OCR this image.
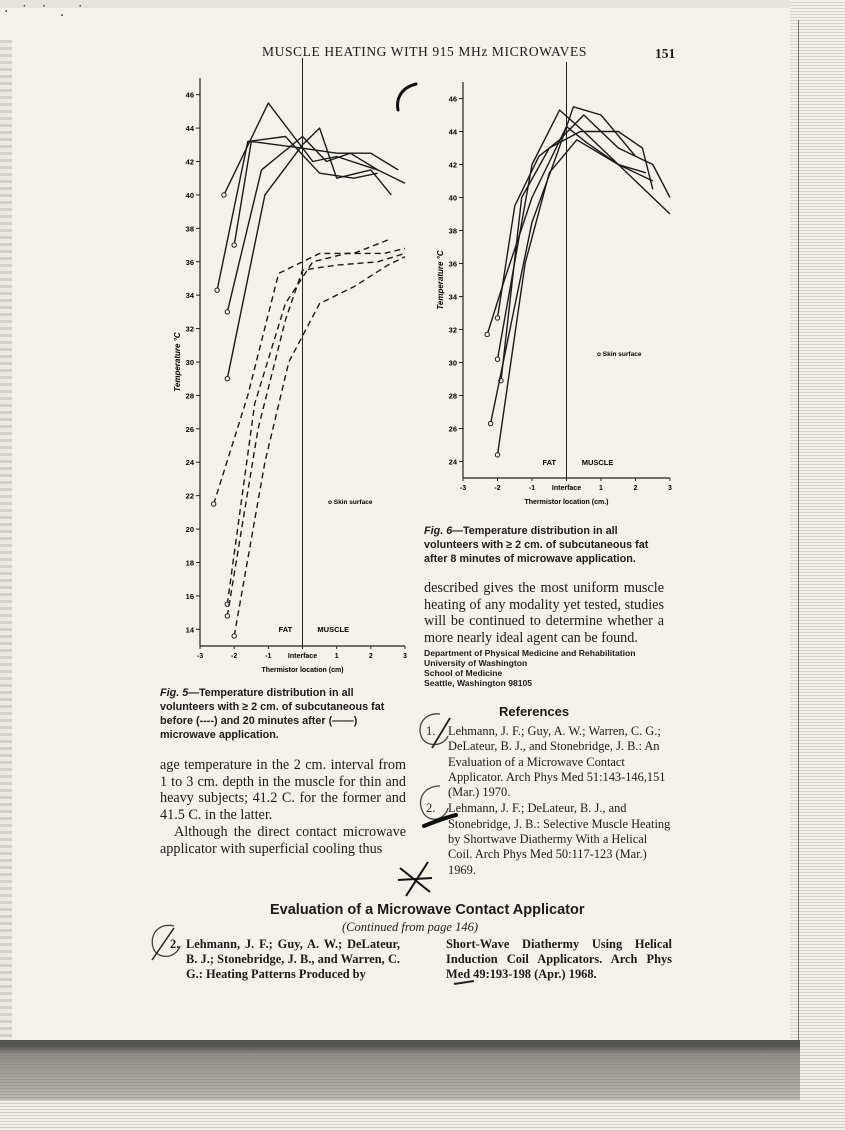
· ˙ ˙ . ˙
MUSCLE HEATING WITH 915 MHz MICROWAVES	151
46
44
42
40
38
36
34
32
30
28
26
24
22
20
18
16
14
-3	-2	-1 Interface	1	2	3
Thermistor location (cm)
Temperature °C
FAT	MUSCLE
o Skin surface
Fig. 5—Temperature distribution in all volunteers with ≥ 2 cm. of subcutaneous fat before (----) and 20 minutes after (——) microwave application.
46
44
42
40
38
36
34
32
30
28
26
24
-3	-2	-1 Interface	1	2	3
Thermistor location (cm.)
Temperature °C
FAT	MUSCLE
o Skin surface
Fig. 6—Temperature distribution in all volunteers with ≥ 2 cm. of subcutaneous fat after 8 minutes of microwave application.

described gives the most uniform muscle heating of any modality yet tested, studies will be continued to determine whether a more nearly ideal agent can be found.

Department of Physical Medicine and Rehabilitation
University of Washington
School of Medicine
Seattle, Washington 98105
References
1. Lehmann, J. F.; Guy, A. W.; Warren, C. G.; DeLateur, B. J., and Stonebridge, J. B.: An Evaluation of a Microwave Contact Applicator. Arch Phys Med 51:143-146,151 (Mar.) 1970.
2. Lehmann, J. F.; DeLateur, B. J., and Stonebridge, J. B.: Selective Muscle Heating by Shortwave Diathermy With a Helical Coil. Arch Phys Med 50:117-123 (Mar.) 1969.

age temperature in the 2 cm. interval from 1 to 3 cm. depth in the muscle for thin and heavy subjects; 41.2 C. for the former and 41.5 C. in the latter.

Although the direct contact microwave applicator with superficial cooling thus

Evaluation of a Microwave Contact Applicator
(Continued from page 146)
2. Lehmann, J. F.; Guy, A. W.; DeLateur, B. J.; Stonebridge, J. B., and Warren, C. G.: Heating Patterns Produced by
Short-Wave Diathermy Using Helical Induction Coil Applicators. Arch Phys Med 49:193-198 (Apr.) 1968.
